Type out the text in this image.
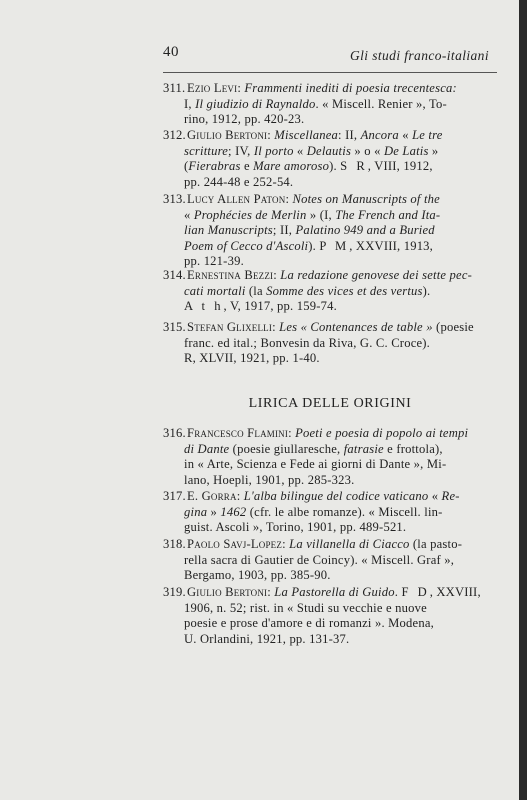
40	Gli studi franco-italiani
311. Ezio Levi: Frammenti inediti di poesia trecentesca:
I, Il giudizio di Raynaldo. « Miscell. Renier », To-
rino, 1912, pp. 420-23.
312.Giulio Bertoni: Miscellanea: II, Ancora « Le tre
scritture; IV, Il porto « Delautis » o « De Latis »
(Fierabras e Mare amoroso). S R, VIII, 1912,
pp. 244-48 e 252-54.
313.Lucy Allen Paton: Notes on Manuscripts of the
« Prophécies de Merlin » (I, The French and Ita-
lian Manuscripts; II, Palatino 949 and a Buried
Poem of Cecco d'Ascoli). P M, XXVIII, 1913,
pp. 121-39.
314.Ernestina Bezzi: La redazione genovese dei sette pec-
cati mortali (la Somme des vices et des vertus).
A t h, V, 1917, pp. 159-74.
315.Stefan Glixelli: Les « Contenances de table » (poesie
franc. ed ital.; Bonvesin da Riva, G. C. Croce).
R, XLVII, 1921, pp. 1-40.
LIRICA DELLE ORIGINI
316.Francesco Flamini: Poeti e poesia di popolo ai tempi
di Dante (poesie giullaresche, fatrasie e frottola),
in « Arte, Scienza e Fede ai giorni di Dante », Mi-
lano, Hoepli, 1901, pp. 285-323.
317.E. Gorra: L'alba bilingue del codice vaticano « Re-
gina » 1462 (cfr. le albe romanze). « Miscell. lin-
guist. Ascoli », Torino, 1901, pp. 489-521.
318.Paolo Savj-Lopez: La villanella di Ciacco (la pasto-
rella sacra di Gautier de Coincy). « Miscell. Graf »,
Bergamo, 1903, pp. 385-90.
319.Giulio Bertoni: La Pastorella di Guido. F D, XXVIII,
1906, n. 52; rist. in « Studi su vecchie e nuove
poesie e prose d'amore e di romanzi ». Modena,
U. Orlandini, 1921, pp. 131-37.
